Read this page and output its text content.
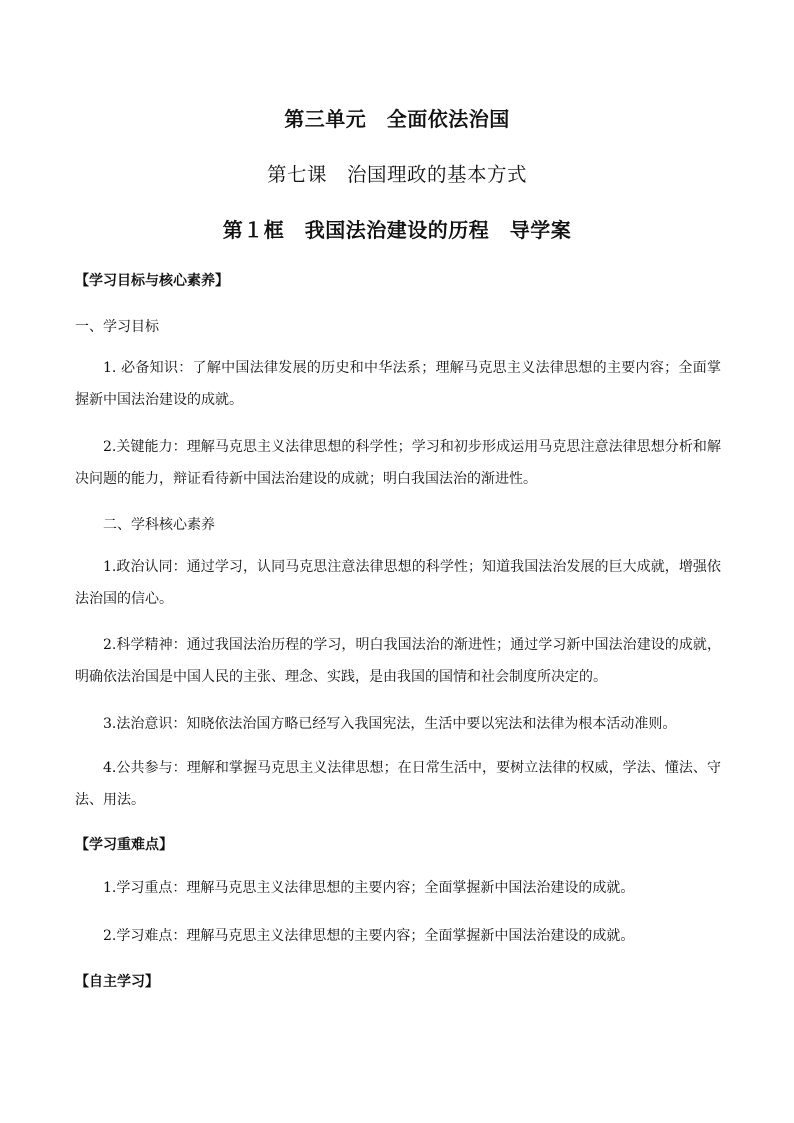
第三单元　全面依法治国
第七课　治国理政的基本方式
第１框　我国法治建设的历程　导学案
【学习目标与核心素养】
一、学习目标
1. 必备知识：了解中国法律发展的历史和中华法系；理解马克思主义法律思想的主要内容；全面掌握新中国法治建设的成就。
2.关键能力：理解马克思主义法律思想的科学性；学习和初步形成运用马克思注意法律思想分析和解决问题的能力，辩证看待新中国法治建设的成就；明白我国法治的渐进性。
二、学科核心素养
1.政治认同：通过学习，认同马克思注意法律思想的科学性；知道我国法治发展的巨大成就，增强依法治国的信心。
2.科学精神：通过我国法治历程的学习，明白我国法治的渐进性；通过学习新中国法治建设的成就，明确依法治国是中国人民的主张、理念、实践，是由我国的国情和社会制度所决定的。
3.法治意识：知晓依法治国方略已经写入我国宪法，生活中要以宪法和法律为根本活动准则。
4.公共参与：理解和掌握马克思主义法律思想；在日常生活中，要树立法律的权威，学法、懂法、守法、用法。
【学习重难点】
1.学习重点：理解马克思主义法律思想的主要内容；全面掌握新中国法治建设的成就。
2.学习难点：理解马克思主义法律思想的主要内容；全面掌握新中国法治建设的成就。
【自主学习】
